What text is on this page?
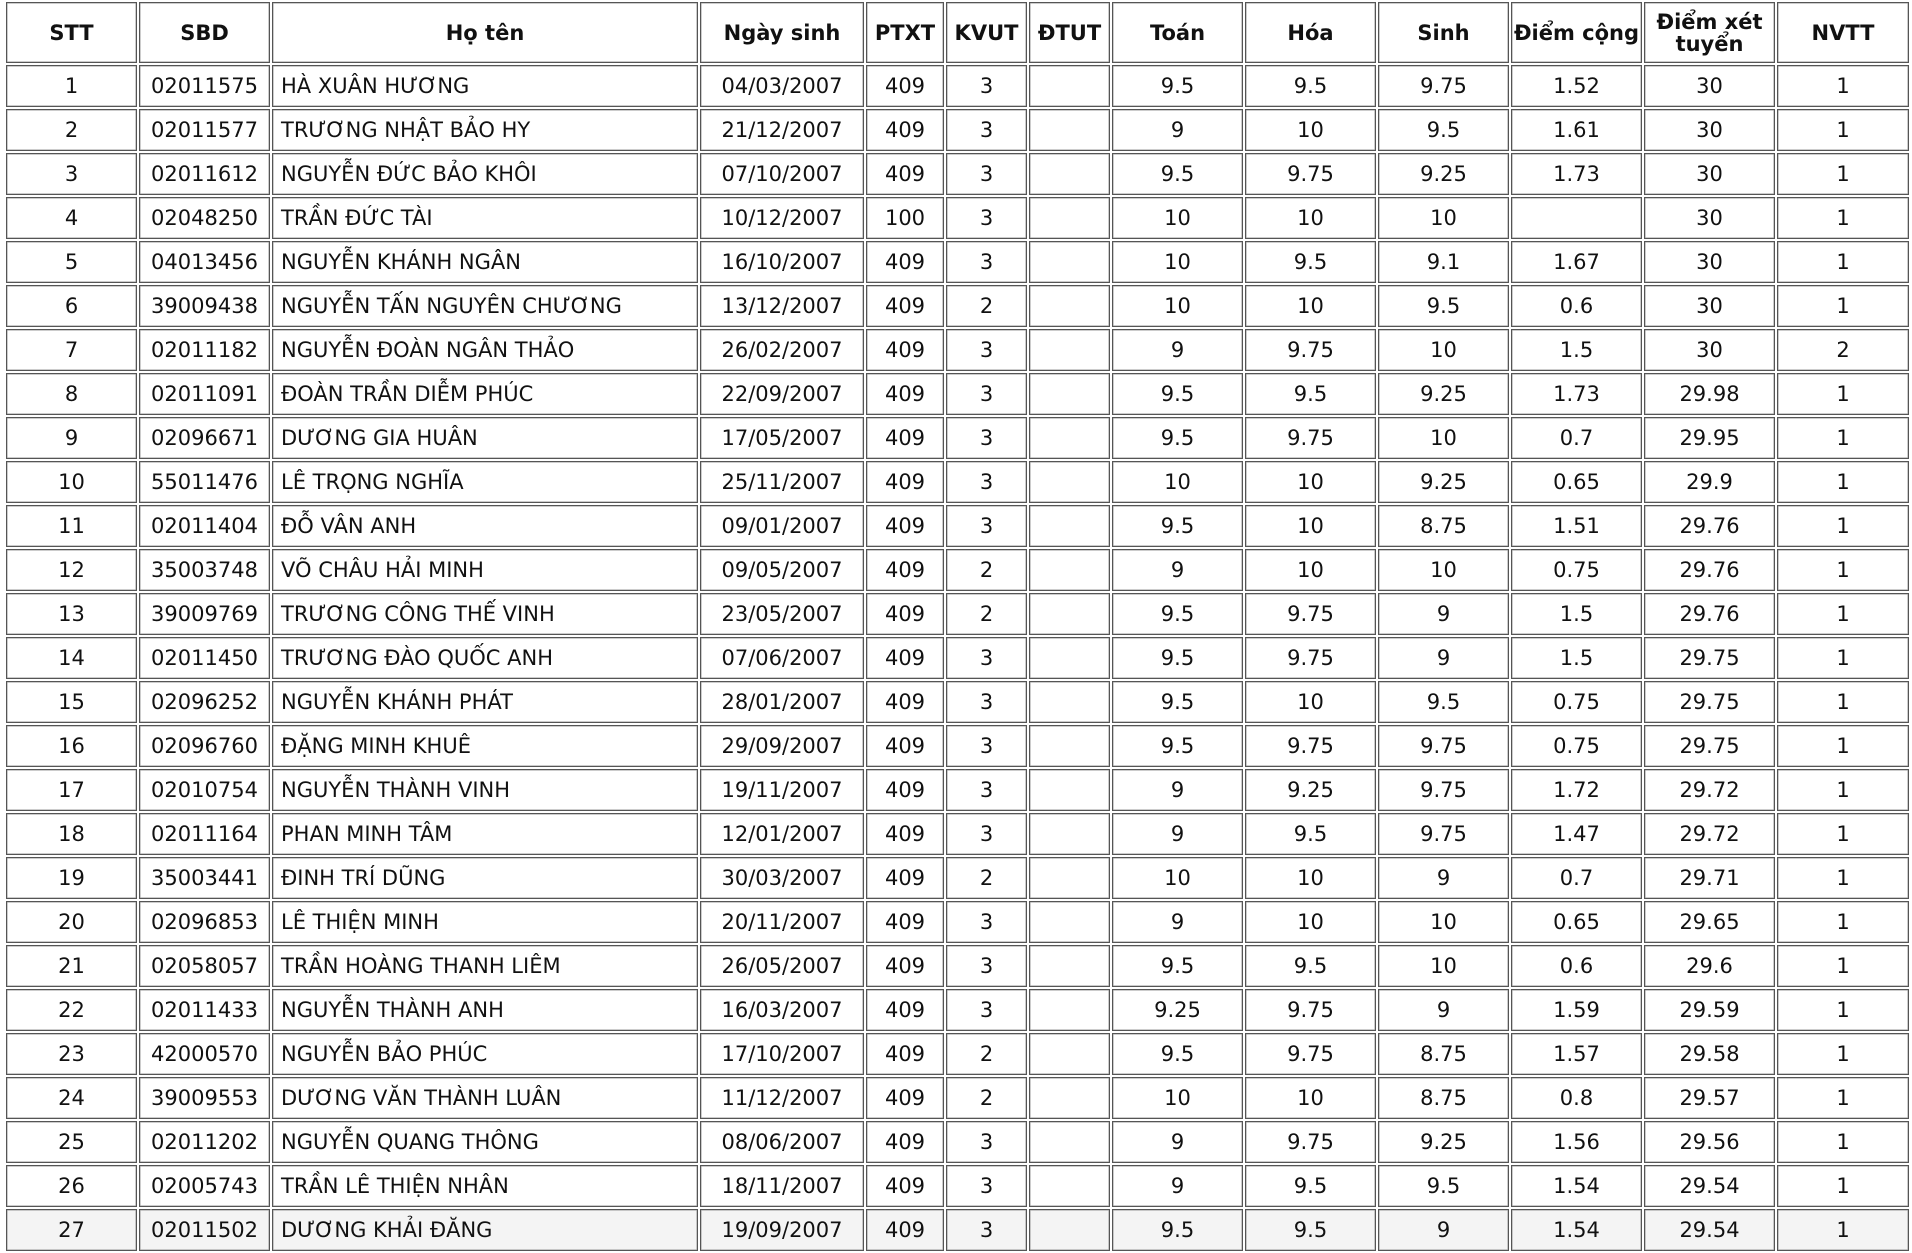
STT	SBD	Họ tên	Ngày sinh	PTXT	KVUT	ĐTUT	Toán	Hóa	Sinh	Điểm cộng	Điểm xét tuyển	NVTT
1	02011575	HÀ XUÂN HƯƠNG	04/03/2007	409	3		9.5	9.5	9.75	1.52	30	1
2	02011577	TRƯƠNG NHẬT BẢO HY	21/12/2007	409	3		9	10	9.5	1.61	30	1
3	02011612	NGUYỄN ĐỨC BẢO KHÔI	07/10/2007	409	3		9.5	9.75	9.25	1.73	30	1
4	02048250	TRẦN ĐỨC TÀI	10/12/2007	100	3		10	10	10		30	1
5	04013456	NGUYỄN KHÁNH NGÂN	16/10/2007	409	3		10	9.5	9.1	1.67	30	1
6	39009438	NGUYỄN TẤN NGUYÊN CHƯƠNG	13/12/2007	409	2		10	10	9.5	0.6	30	1
7	02011182	NGUYỄN ĐOÀN NGÂN THẢO	26/02/2007	409	3		9	9.75	10	1.5	30	2
8	02011091	ĐOÀN TRẦN DIỄM PHÚC	22/09/2007	409	3		9.5	9.5	9.25	1.73	29.98	1
9	02096671	DƯƠNG GIA HUÂN	17/05/2007	409	3		9.5	9.75	10	0.7	29.95	1
10	55011476	LÊ TRỌNG NGHĨA	25/11/2007	409	3		10	10	9.25	0.65	29.9	1
11	02011404	ĐỖ VÂN ANH	09/01/2007	409	3		9.5	10	8.75	1.51	29.76	1
12	35003748	VÕ CHÂU HẢI MINH	09/05/2007	409	2		9	10	10	0.75	29.76	1
13	39009769	TRƯƠNG CÔNG THẾ VINH	23/05/2007	409	2		9.5	9.75	9	1.5	29.76	1
14	02011450	TRƯƠNG ĐÀO QUỐC ANH	07/06/2007	409	3		9.5	9.75	9	1.5	29.75	1
15	02096252	NGUYỄN KHÁNH PHÁT	28/01/2007	409	3		9.5	10	9.5	0.75	29.75	1
16	02096760	ĐẶNG MINH KHUÊ	29/09/2007	409	3		9.5	9.75	9.75	0.75	29.75	1
17	02010754	NGUYỄN THÀNH VINH	19/11/2007	409	3		9	9.25	9.75	1.72	29.72	1
18	02011164	PHAN MINH TÂM	12/01/2007	409	3		9	9.5	9.75	1.47	29.72	1
19	35003441	ĐINH TRÍ DŨNG	30/03/2007	409	2		10	10	9	0.7	29.71	1
20	02096853	LÊ THIỆN MINH	20/11/2007	409	3		9	10	10	0.65	29.65	1
21	02058057	TRẦN HOÀNG THANH LIÊM	26/05/2007	409	3		9.5	9.5	10	0.6	29.6	1
22	02011433	NGUYỄN THÀNH ANH	16/03/2007	409	3		9.25	9.75	9	1.59	29.59	1
23	42000570	NGUYỄN BẢO PHÚC	17/10/2007	409	2		9.5	9.75	8.75	1.57	29.58	1
24	39009553	DƯƠNG VĂN THÀNH LUÂN	11/12/2007	409	2		10	10	8.75	0.8	29.57	1
25	02011202	NGUYỄN QUANG THÔNG	08/06/2007	409	3		9	9.75	9.25	1.56	29.56	1
26	02005743	TRẦN LÊ THIỆN NHÂN	18/11/2007	409	3		9	9.5	9.5	1.54	29.54	1
27	02011502	DƯƠNG KHẢI ĐĂNG	19/09/2007	409	3		9.5	9.5	9	1.54	29.54	1
